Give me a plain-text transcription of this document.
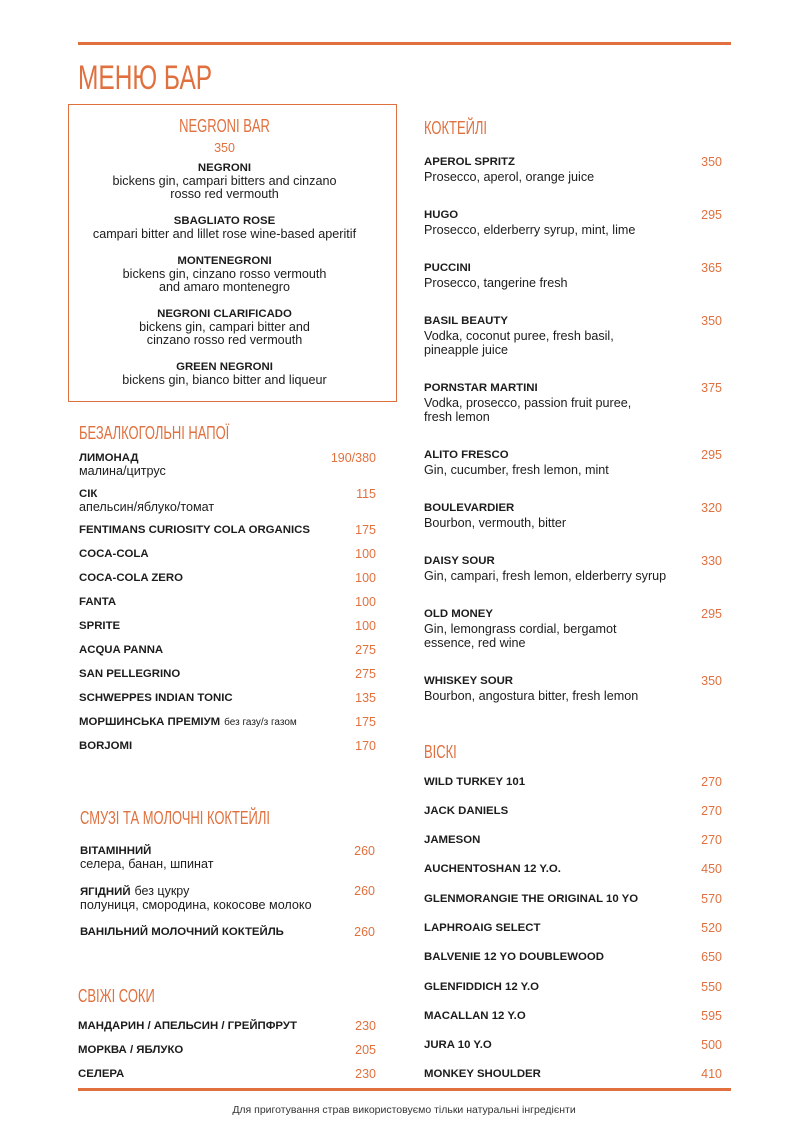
МЕНЮ БАР
NEGRONI BAR
350
NEGRONI
bickens gin, campari bitters and cinzano
rosso red vermouth
SBAGLIATO ROSE
campari bitter and lillet rose wine-based aperitif
MONTENEGRONI
bickens gin, cinzano rosso vermouth
and amaro montenegro
NEGRONI CLARIFICADO
bickens gin, campari bitter and
cinzano rosso red vermouth
GREEN NEGRONI
bickens gin, bianco bitter and liqueur
БЕЗАЛКОГОЛЬНІ НАПОЇ
ЛИМОНАД	190/380
малина/цитрус
СІК	115
апельсин/яблуко/томат
FENTIMANS CURIOSITY COLA ORGANICS	175
COCA-COLA	100
COCA-COLA ZERO	100
FANTA	100
SPRITE	100
ACQUA PANNA	275
SAN PELLEGRINO	275
SCHWEPPES INDIAN TONIC	135
МОРШИНСЬКА ПРЕМІУМ без газу/з газом	175
BORJOMI	170
СМУЗІ ТА МОЛОЧНІ КОКТЕЙЛІ
ВІТАМІННИЙ	260
селера, банан, шпинат
ЯГІДНИЙ без цукру	260
полуниця, смородина, кокосове молоко
ВАНІЛЬНИЙ МОЛОЧНИЙ КОКТЕЙЛЬ	260
СВІЖІ СОКИ
МАНДАРИН / АПЕЛЬСИН / ГРЕЙПФРУТ	230
МОРКВА / ЯБЛУКО	205
СЕЛЕРА	230
КОКТЕЙЛІ
APEROL SPRITZ	350
Prosecco, aperol, orange juice
HUGO	295
Prosecco, elderberry syrup, mint, lime
PUCCINI	365
Prosecco, tangerine fresh
BASIL BEAUTY	350
Vodka, coconut puree, fresh basil,
pineapple juice
PORNSTAR MARTINI	375
Vodka, prosecco, passion fruit puree,
fresh lemon
ALITO FRESCO	295
Gin, cucumber, fresh lemon, mint
BOULEVARDIER	320
Bourbon, vermouth, bitter
DAISY SOUR	330
Gin, campari, fresh lemon, elderberry syrup
OLD MONEY	295
Gin, lemongrass cordial, bergamot
essence, red wine
WHISKEY SOUR	350
Bourbon, angostura bitter, fresh lemon
ВІСКІ
WILD TURKEY 101	270
JACK DANIELS	270
JAMESON	270
AUCHENTOSHAN 12 Y.O.	450
GLENMORANGIE THE ORIGINAL 10 YO	570
LAPHROAIG SELECT	520
BALVENIE 12 YO DOUBLEWOOD	650
GLENFIDDICH 12 Y.O	550
MACALLAN 12 Y.O	595
JURA 10 Y.O	500
MONKEY SHOULDER	410
Для приготування страв використовуємо тільки натуральні інгредієнти
